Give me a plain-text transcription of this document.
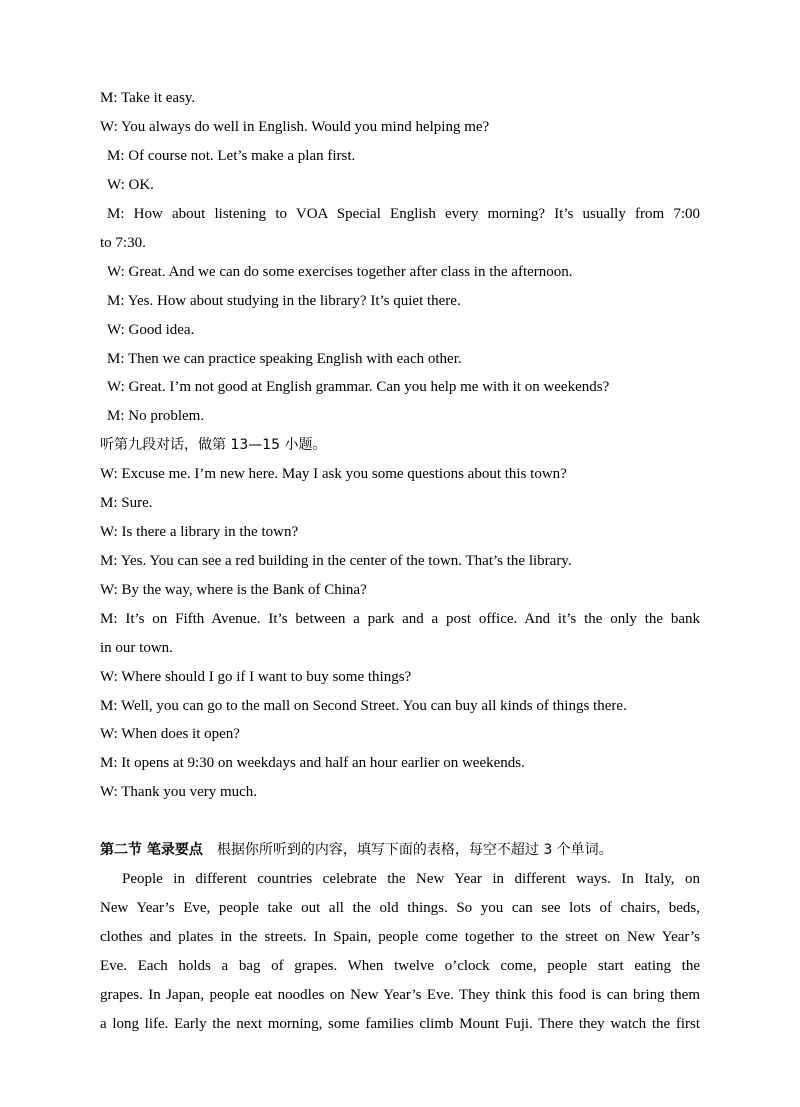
M: Take it easy.
W: You always do well in English. Would you mind helping me?
M: Of course not. Let’s make a plan first.
W: OK.
M: How about listening to VOA Special English every morning? It’s usually from 7:00
to 7:30.
W: Great. And we can do some exercises together after class in the afternoon.
M: Yes. How about studying in the library? It’s quiet there.
W: Good idea.
M: Then we can practice speaking English with each other.
W: Great. I’m not good at English grammar. Can you help me with it on weekends?
M: No problem.
听第九段对话，做第 13—15 小题。
W: Excuse me. I’m new here. May I ask you some questions about this town?
M: Sure.
W: Is there a library in the town?
M: Yes. You can see a red building in the center of the town. That’s the library.
W: By the way, where is the Bank of China?
M: It’s on Fifth Avenue. It’s between a park and a post office. And it’s the only the bank
in our town.
W: Where should I go if I want to buy some things?
M: Well, you can go to the mall on Second Street. You can buy all kinds of things there.
W: When does it open?
M: It opens at 9:30 on weekdays and half an hour earlier on weekends.
W: Thank you very much.
第二节 笔录要点 根据你所听到的内容，填写下面的表格，每空不超过 3 个单词。
People in different countries celebrate the New Year in different ways. In Italy, on
New Year’s Eve, people take out all the old things. So you can see lots of chairs, beds,
clothes and plates in the streets. In Spain, people come together to the street on New Year’s
Eve. Each holds a bag of grapes. When twelve o’clock come, people start eating the
grapes. In Japan, people eat noodles on New Year’s Eve. They think this food is can bring them
a long life. Early the next morning, some families climb Mount Fuji. There they watch the first
